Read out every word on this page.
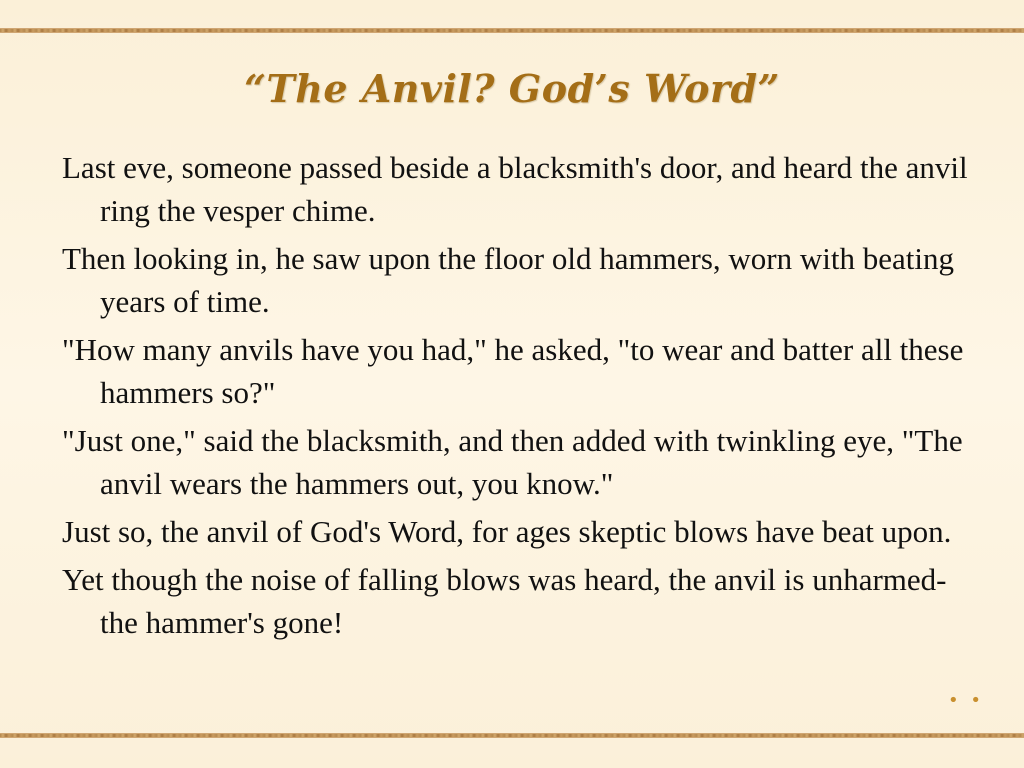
“The Anvil? God’s Word”
Last eve, someone passed beside a blacksmith's door, and heard the anvil ring the vesper chime.
Then looking in, he saw upon the floor old hammers, worn with beating years of time.
"How many anvils have you had," he asked, "to wear and batter all these hammers so?"
"Just one," said the blacksmith, and then added with twinkling eye, "The anvil wears the hammers out, you know."
Just so, the anvil of God's Word, for ages skeptic blows have beat upon.
Yet though the noise of falling blows was heard, the anvil is unharmed-the hammer's gone!
• •
